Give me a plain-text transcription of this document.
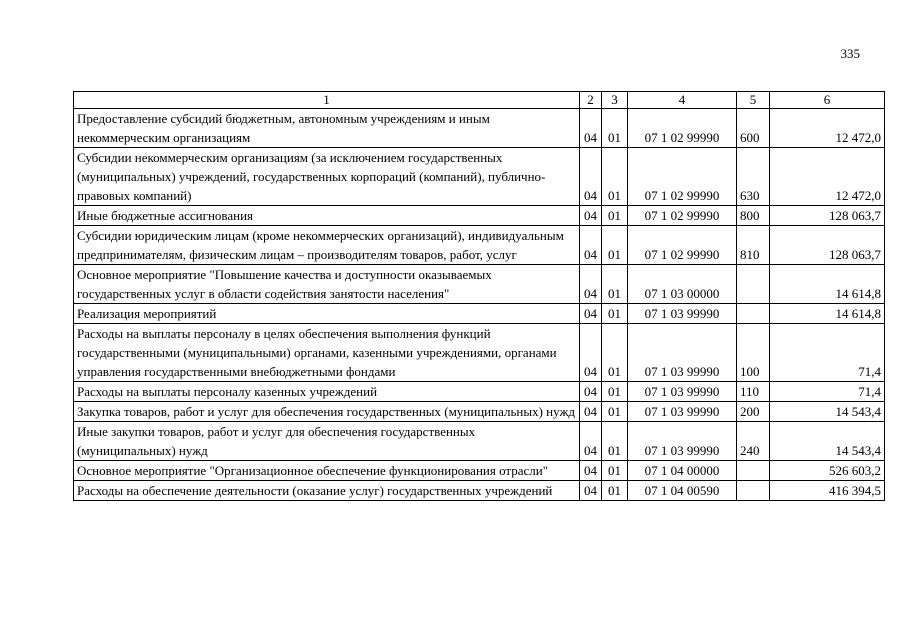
335
1	2	3	4	5	6
Предоставление субсидий бюджетным, автономным учреждениям и иным некоммерческим организациям	04	01	07 1 02 99990	600	12 472,0
Субсидии некоммерческим организациям (за исключением государственных (муниципальных) учреждений, государственных корпораций (компаний), публично-правовых компаний)	04	01	07 1 02 99990	630	12 472,0
Иные бюджетные ассигнования	04	01	07 1 02 99990	800	128 063,7
Субсидии юридическим лицам (кроме некоммерческих организаций), индивидуальным предпринимателям, физическим лицам – производителям товаров, работ, услуг	04	01	07 1 02 99990	810	128 063,7
Основное мероприятие "Повышение качества и доступности оказываемых государственных услуг в области содействия занятости населения"	04	01	07 1 03 00000		14 614,8
Реализация мероприятий	04	01	07 1 03 99990		14 614,8
Расходы на выплаты персоналу в целях обеспечения выполнения функций государственными (муниципальными) органами, казенными учреждениями, органами управления государственными внебюджетными фондами	04	01	07 1 03 99990	100	71,4
Расходы на выплаты персоналу казенных учреждений	04	01	07 1 03 99990	110	71,4
Закупка товаров, работ и услуг для обеспечения государственных (муниципальных) нужд	04	01	07 1 03 99990	200	14 543,4
Иные закупки товаров, работ и услуг для обеспечения государственных (муниципальных) нужд	04	01	07 1 03 99990	240	14 543,4
Основное мероприятие "Организационное обеспечение функционирования отрасли"	04	01	07 1 04 00000		526 603,2
Расходы на обеспечение деятельности (оказание услуг) государственных учреждений	04	01	07 1 04 00590		416 394,5
